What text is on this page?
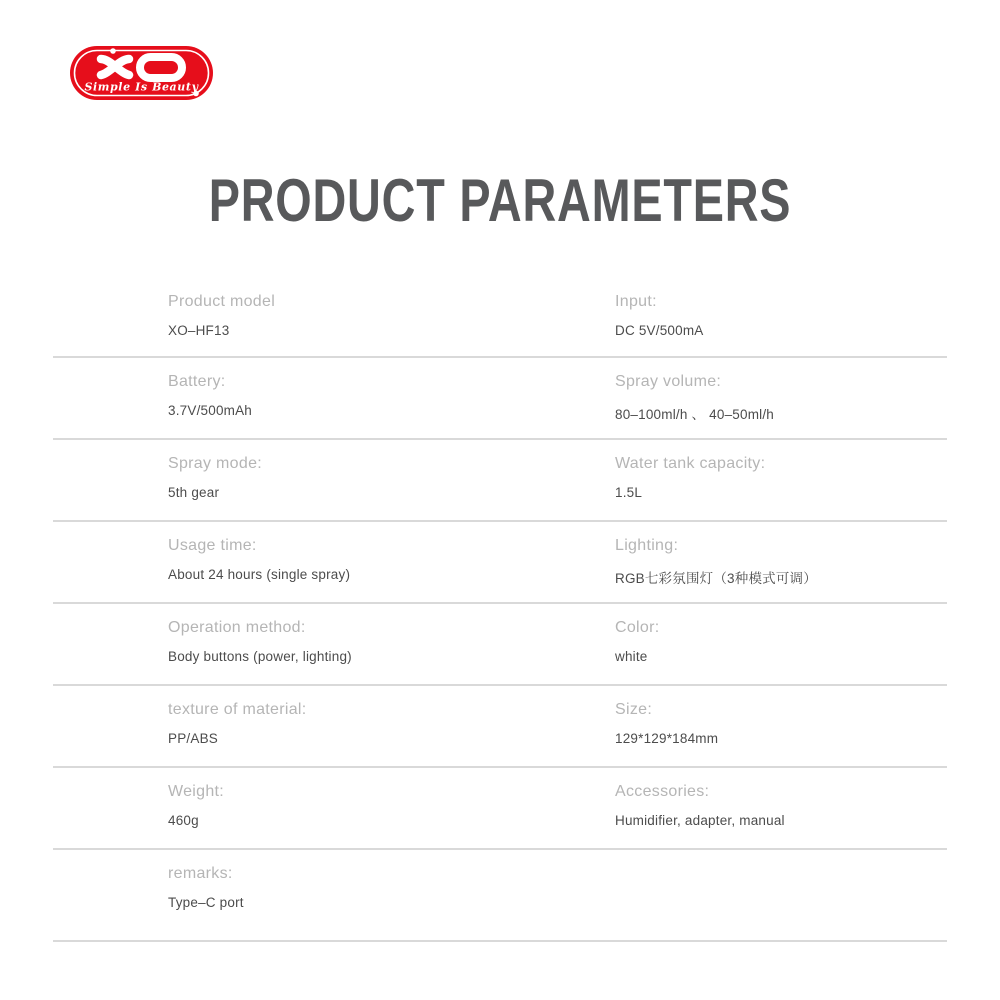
Simple Is Beauty
PRODUCT PARAMETERS
Product model
XO–HF13
Input:
DC 5V/500mA
Battery:
3.7V/500mAh
Spray volume:
80–100ml/h 、 40–50ml/h
Spray mode:
5th gear
Water tank capacity:
1.5L
Usage time:
About 24 hours (single spray)
Lighting:
RGB七彩氛围灯（3种模式可调）
Operation method:
Body buttons (power, lighting)
Color:
white
texture of material:
PP/ABS
Size:
129*129*184mm
Weight:
460g
Accessories:
Humidifier, adapter, manual
remarks:
Type–C port
